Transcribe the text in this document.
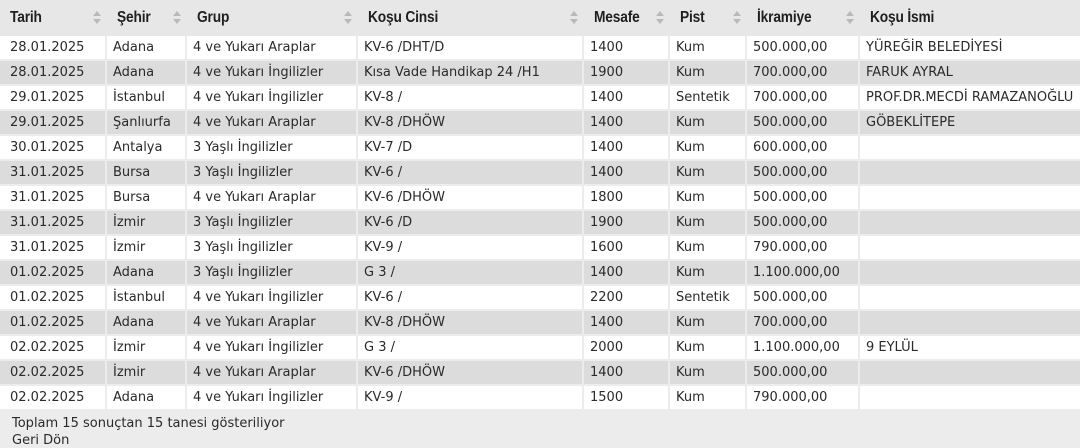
Tarih	Şehir	Grup	Koşu Cinsi	Mesafe	Pist	İkramiye	Koşu İsmi
28.01.2025	Adana	4 ve Yukarı Araplar	KV-6 /DHT/D	1400	Kum	500.000,00	YÜREĞİR BELEDİYESİ
28.01.2025	Adana	4 ve Yukarı İngilizler	Kısa Vade Handikap 24 /H1	1900	Kum	700.000,00	FARUK AYRAL
29.01.2025	İstanbul	4 ve Yukarı İngilizler	KV-8 /	1400	Sentetik	700.000,00	PROF.DR.MECDİ RAMAZANOĞLU
29.01.2025	Şanlıurfa	4 ve Yukarı Araplar	KV-8 /DHÖW	1400	Kum	500.000,00	GÖBEKLİTEPE
30.01.2025	Antalya	3 Yaşlı İngilizler	KV-7 /D	1400	Kum	600.000,00	
31.01.2025	Bursa	3 Yaşlı İngilizler	KV-6 /	1400	Kum	500.000,00	
31.01.2025	Bursa	4 ve Yukarı Araplar	KV-6 /DHÖW	1800	Kum	500.000,00	
31.01.2025	İzmir	3 Yaşlı İngilizler	KV-6 /D	1900	Kum	500.000,00	
31.01.2025	İzmir	3 Yaşlı İngilizler	KV-9 /	1600	Kum	790.000,00	
01.02.2025	Adana	3 Yaşlı İngilizler	G 3 /	1400	Kum	1.100.000,00	
01.02.2025	İstanbul	4 ve Yukarı İngilizler	KV-6 /	2200	Sentetik	500.000,00	
01.02.2025	Adana	4 ve Yukarı Araplar	KV-8 /DHÖW	1400	Kum	700.000,00	
02.02.2025	İzmir	4 ve Yukarı İngilizler	G 3 /	2000	Kum	1.100.000,00	9 EYLÜL
02.02.2025	İzmir	4 ve Yukarı Araplar	KV-6 /DHÖW	1400	Kum	500.000,00	
02.02.2025	Adana	4 ve Yukarı İngilizler	KV-9 /	1500	Kum	790.000,00	
Toplam 15 sonuçtan 15 tanesi gösteriliyor
Geri Dön
